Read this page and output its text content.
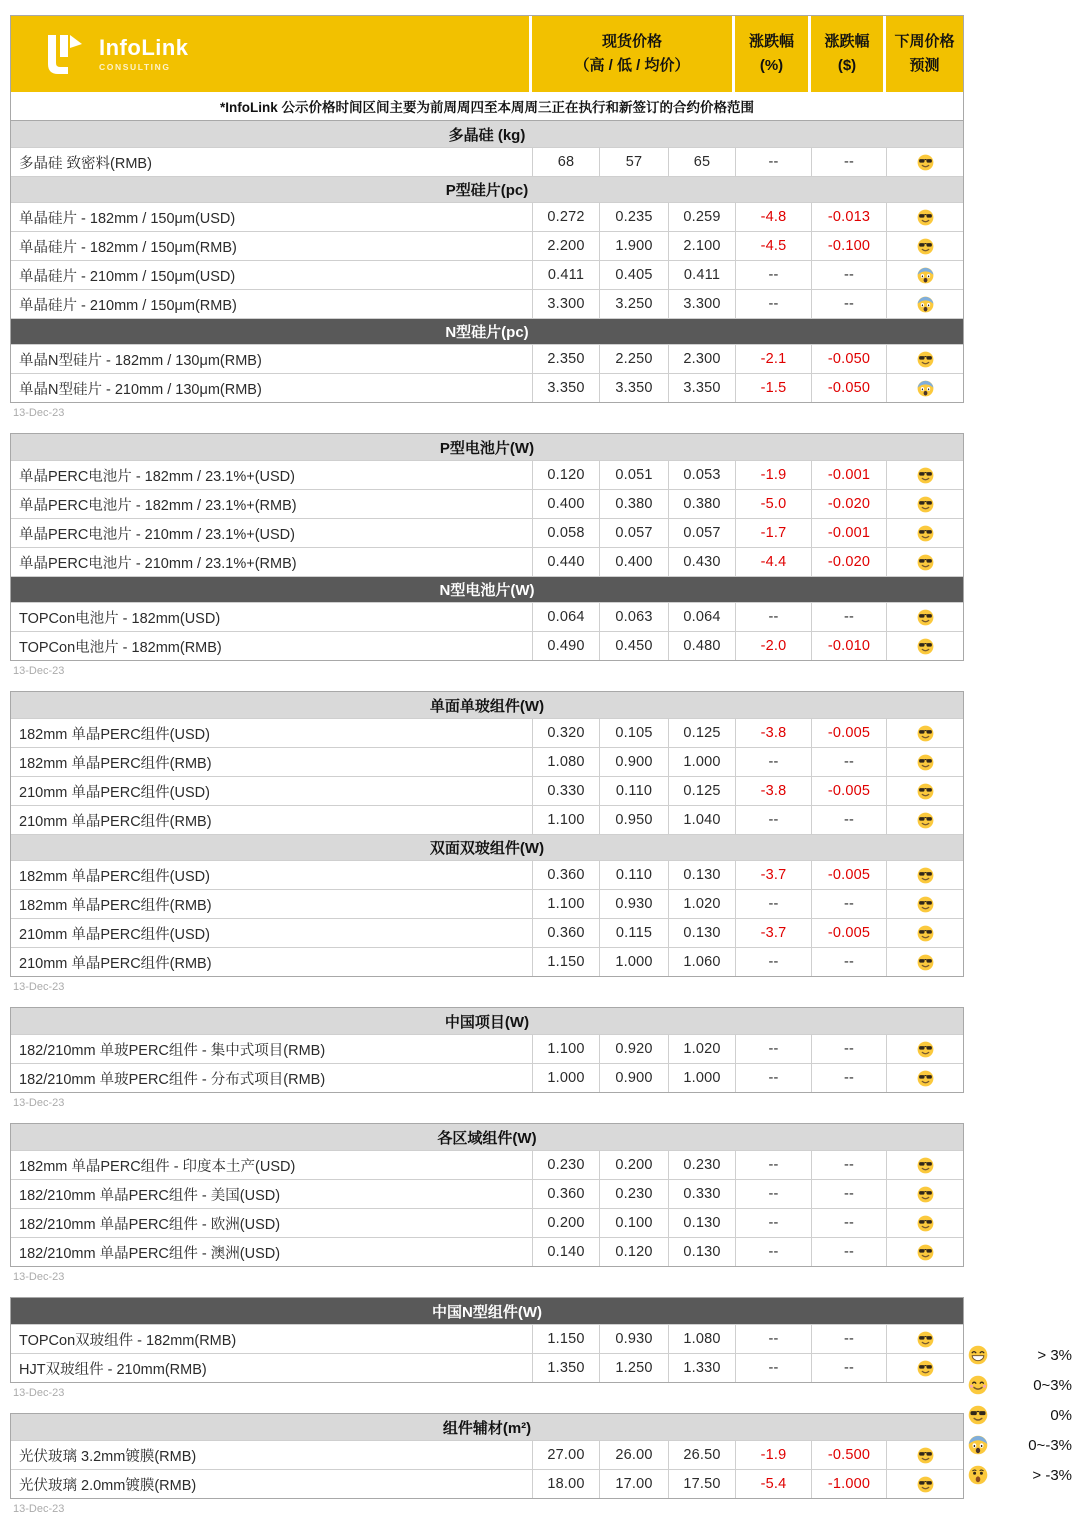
InfoLink
CONSULTING
现货价格
（高 / 低 / 均价）
涨跌幅
(%)
涨跌幅
($)
下周价格
预测
*InfoLink 公示价格时间区间主要为前周周四至本周周三正在执行和新签订的合约价格范围
多晶硅 (kg)
多晶硅 致密料(RMB)	68	57	65	--	--
P型硅片(pc)
单晶硅片 - 182mm / 150μm(USD)	0.272	0.235	0.259	-4.8	-0.013
单晶硅片 - 182mm / 150μm(RMB)	2.200	1.900	2.100	-4.5	-0.100
单晶硅片 - 210mm / 150μm(USD)	0.411	0.405	0.411	--	--
单晶硅片 - 210mm / 150μm(RMB)	3.300	3.250	3.300	--	--
N型硅片(pc)
单晶N型硅片 - 182mm / 130μm(RMB)	2.350	2.250	2.300	-2.1	-0.050
单晶N型硅片 - 210mm / 130μm(RMB)	3.350	3.350	3.350	-1.5	-0.050
13-Dec-23
P型电池片(W)
单晶PERC电池片 - 182mm / 23.1%+(USD)	0.120	0.051	0.053	-1.9	-0.001
单晶PERC电池片 - 182mm / 23.1%+(RMB)	0.400	0.380	0.380	-5.0	-0.020
单晶PERC电池片 - 210mm / 23.1%+(USD)	0.058	0.057	0.057	-1.7	-0.001
单晶PERC电池片 - 210mm / 23.1%+(RMB)	0.440	0.400	0.430	-4.4	-0.020
N型电池片(W)
TOPCon电池片 - 182mm(USD)	0.064	0.063	0.064	--	--
TOPCon电池片 - 182mm(RMB)	0.490	0.450	0.480	-2.0	-0.010
13-Dec-23
单面单玻组件(W)
182mm 单晶PERC组件(USD)	0.320	0.105	0.125	-3.8	-0.005
182mm 单晶PERC组件(RMB)	1.080	0.900	1.000	--	--
210mm 单晶PERC组件(USD)	0.330	0.110	0.125	-3.8	-0.005
210mm 单晶PERC组件(RMB)	1.100	0.950	1.040	--	--
双面双玻组件(W)
182mm 单晶PERC组件(USD)	0.360	0.110	0.130	-3.7	-0.005
182mm 单晶PERC组件(RMB)	1.100	0.930	1.020	--	--
210mm 单晶PERC组件(USD)	0.360	0.115	0.130	-3.7	-0.005
210mm 单晶PERC组件(RMB)	1.150	1.000	1.060	--	--
13-Dec-23
中国项目(W)
182/210mm 单玻PERC组件 - 集中式项目(RMB)	1.100	0.920	1.020	--	--
182/210mm 单玻PERC组件 - 分布式项目(RMB)	1.000	0.900	1.000	--	--
13-Dec-23
各区域组件(W)
182mm 单晶PERC组件 - 印度本土产(USD)	0.230	0.200	0.230	--	--
182/210mm 单晶PERC组件 - 美国(USD)	0.360	0.230	0.330	--	--
182/210mm 单晶PERC组件 - 欧洲(USD)	0.200	0.100	0.130	--	--
182/210mm 单晶PERC组件 - 澳洲(USD)	0.140	0.120	0.130	--	--
13-Dec-23
中国N型组件(W)
TOPCon双玻组件 - 182mm(RMB)	1.150	0.930	1.080	--	--
HJT双玻组件 - 210mm(RMB)	1.350	1.250	1.330	--	--
13-Dec-23
组件辅材(m²)
光伏玻璃 3.2mm镀膜(RMB)	27.00	26.00	26.50	-1.9	-0.500
光伏玻璃 2.0mm镀膜(RMB)	18.00	17.00	17.50	-5.4	-1.000
13-Dec-23
> 3%
0~3%
0%
0~-3%
> -3%
